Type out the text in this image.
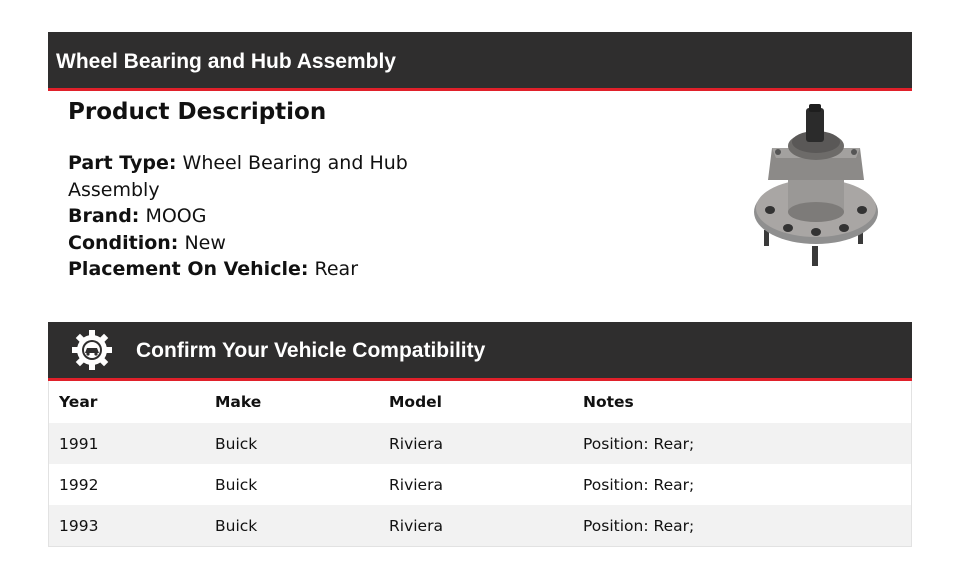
Wheel Bearing and Hub Assembly
Product Description
Part Type: Wheel Bearing and Hub Assembly
Brand: MOOG
Condition: New
Placement On Vehicle: Rear
Confirm Your Vehicle Compatibility
Year	Make	Model	Notes
1991	Buick	Riviera	Position: Rear;
1992	Buick	Riviera	Position: Rear;
1993	Buick	Riviera	Position: Rear;
